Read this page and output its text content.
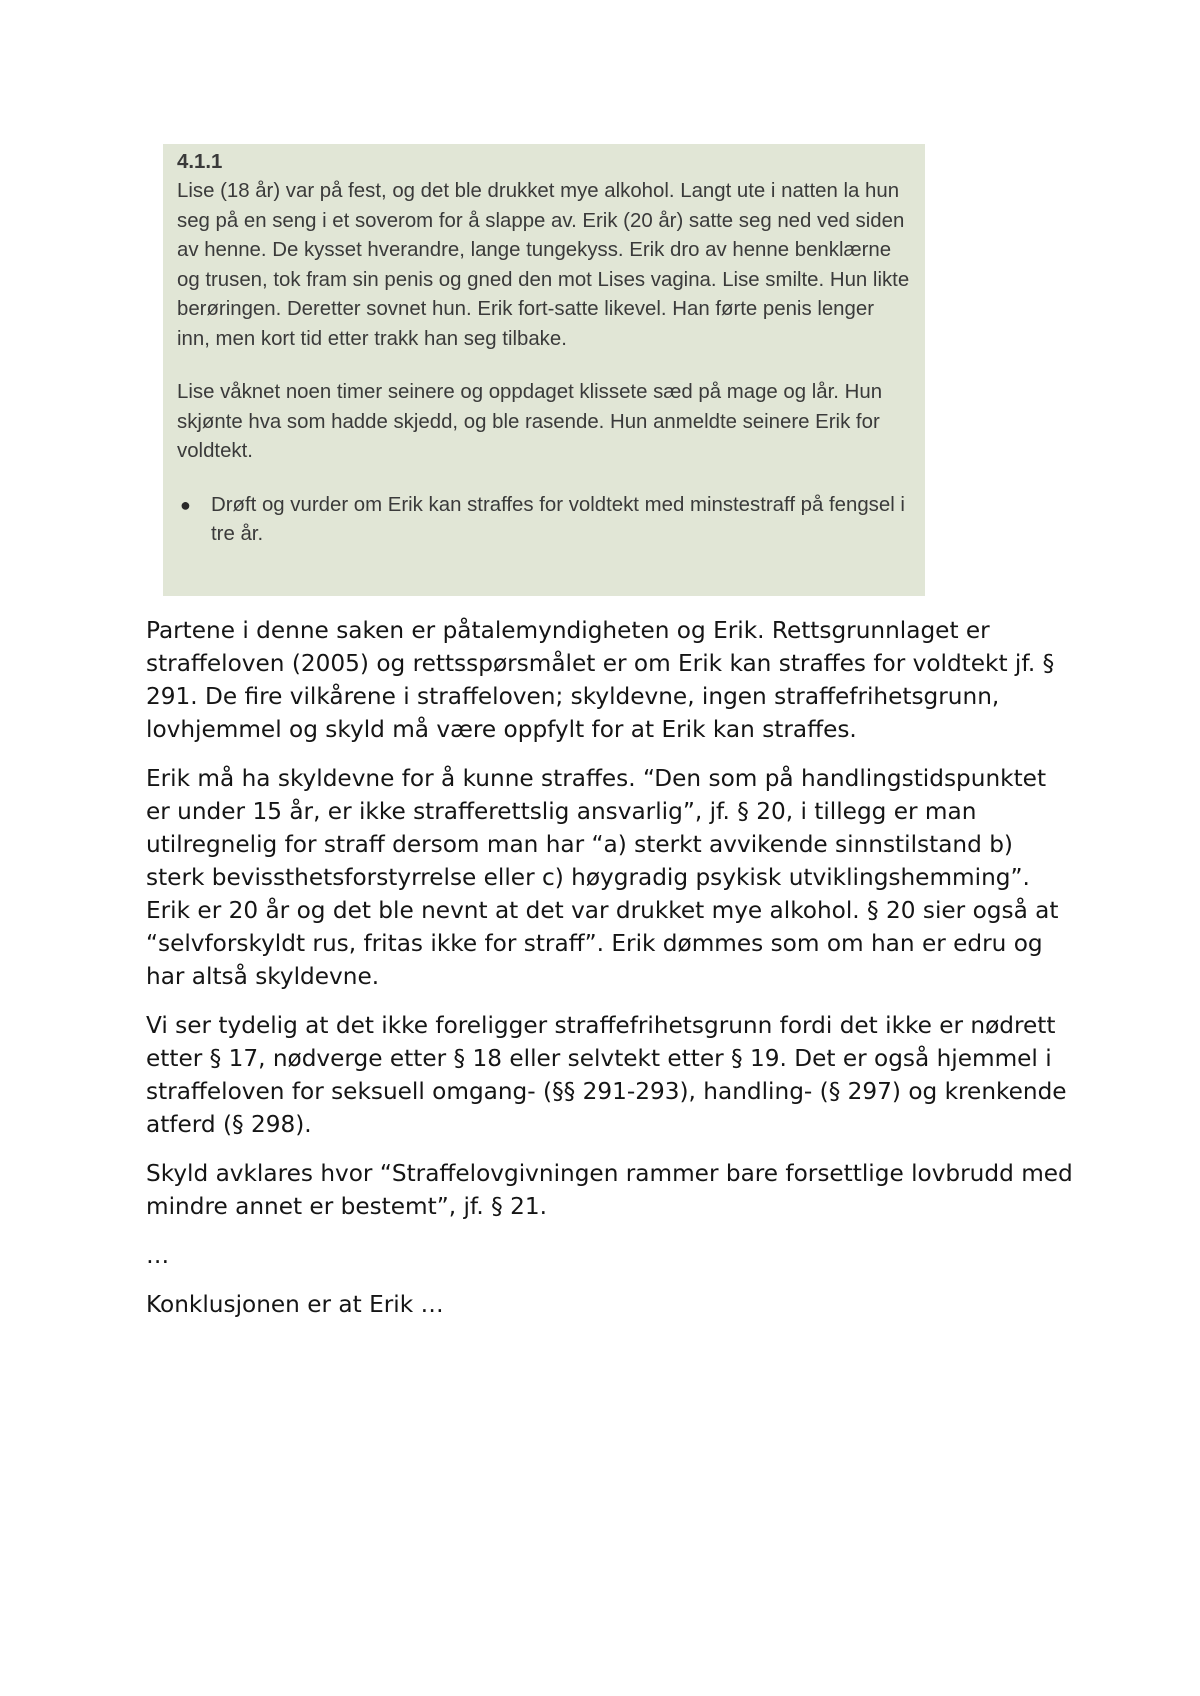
4.1.1

Lise (18 år) var på fest, og det ble drukket mye alkohol. Langt ute i natten la hun seg på en seng i et soverom for å slappe av. Erik (20 år) satte seg ned ved siden av henne. De kysset hverandre, lange tungekyss. Erik dro av henne benklærne og trusen, tok fram sin penis og gned den mot Lises vagina. Lise smilte. Hun likte berøringen. Deretter sovnet hun. Erik fort-satte likevel. Han førte penis lenger inn, men kort tid etter trakk han seg tilbake.

Lise våknet noen timer seinere og oppdaget klissete sæd på mage og lår. Hun skjønte hva som hadde skjedd, og ble rasende. Hun anmeldte seinere Erik for voldtekt.

● Drøft og vurder om Erik kan straffes for voldtekt med minstestraff på fengsel i tre år.

Partene i denne saken er påtalemyndigheten og Erik. Rettsgrunnlaget er straffeloven (2005) og rettsspørsmålet er om Erik kan straffes for voldtekt jf. § 291. De fire vilkårene i straffeloven; skyldevne, ingen straffefrihetsgrunn, lovhjemmel og skyld må være oppfylt for at Erik kan straffes.

Erik må ha skyldevne for å kunne straffes. “Den som på handlingstidspunktet er under 15 år, er ikke strafferettslig ansvarlig”, jf. § 20, i tillegg er man utilregnelig for straff dersom man har “a) sterkt avvikende sinnstilstand b) sterk bevissthetsforstyrrelse eller c) høygradig psykisk utviklingshemming”. Erik er 20 år og det ble nevnt at det var drukket mye alkohol. § 20 sier også at “selvforskyldt rus, fritas ikke for straff”. Erik dømmes som om han er edru og har altså skyldevne.

Vi ser tydelig at det ikke foreligger straffefrihetsgrunn fordi det ikke er nødrett etter § 17, nødverge etter § 18 eller selvtekt etter § 19. Det er også hjemmel i straffeloven for seksuell omgang- (§§ 291-293), handling- (§ 297) og krenkende atferd (§ 298).

Skyld avklares hvor “Straffelovgivningen rammer bare forsettlige lovbrudd med mindre annet er bestemt”, jf. § 21.

…

Konklusjonen er at Erik …
